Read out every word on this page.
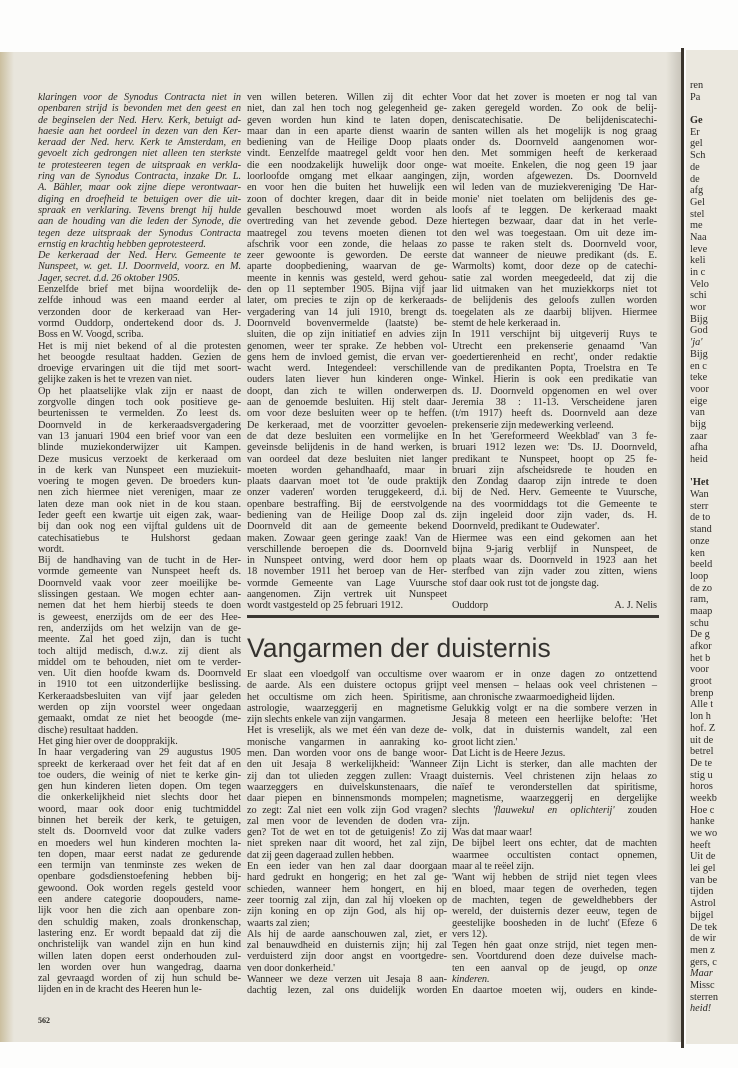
ren
Pa
Ge
Er
gel
Sch
de
de
afg
Gel
stel
me
Naa
leve
keli
in c
Velo
schi
wor
Bijg
God
'ja'
Bijg
en c
teke
voor
eige
van
bijg
zaar
afha
heid
'Het
Wan
sterr
de to
stand
onze
ken
beeld
loop
de zo
ram,
maap
schu
De g
afkor
het b
voor
groot
brenp
Alle t
lon h
hof. Z
uit de
betrel
De te
stig u
horos
weekb
Hoe c
hanke
we wo
heeft
Uit de
lei gel
van be
tijden
Astrol
bijgel
De tek
de wir
men z
gers, c
Maar
Missc
sterren
heid!
klaringen voor de Synodus Contracta niet in
openbaren strijd is bevonden met den geest en
de beginselen der Ned. Herv. Kerk, betuigt ad-
haesie aan het oordeel in dezen van den Ker-
keraad der Ned. herv. Kerk te Amsterdam, en
gevoelt zich gedrongen niet alleen ten sterkste
te protesteeren tegen de uitspraak en verkla-
ring van de Synodus Contracta, inzake Dr. L.
A. Bähler, maar ook zijne diepe verontwaar-
diging en droefheid te betuigen over die uit-
spraak en verklaring. Tevens brengt hij hulde
aan de houding van die leden der Synode, die
tegen deze uitspraak der Synodus Contracta
ernstig en krachtig hebben geprotesteerd.
De kerkeraad der Ned. Herv. Gemeente te
Nunspeet, w. get. IJ. Doornveld, voorz. en M.
Jager, secret. d.d. 26 oktober 1905.
Eenzelfde brief met bijna woordelijk de-
zelfde inhoud was een maand eerder al
verzonden door de kerkeraad van Her-
vormd Ouddorp, ondertekend door ds. J.
Boss en W. Voogd, scriba.
Het is mij niet bekend of al die protesten
het beoogde resultaat hadden. Gezien de
droevige ervaringen uit die tijd met soort-
gelijke zaken is het te vrezen van niet.
Op het plaatselijke vlak zijn er naast de
zorgvolle dingen toch ook positieve ge-
beurtenissen te vermelden. Zo leest ds.
Doornveld in de kerkeraadsvergadering
van 13 januari 1904 een brief voor van een
blinde muziekonderwijzer uit Kampen.
Deze musicus verzoekt de kerkeraad om
in de kerk van Nunspeet een muziekuit-
voering te mogen geven. De broeders kun-
nen zich hiermee niet verenigen, maar ze
laten deze man ook niet in de kou staan.
Ieder geeft een kwartje uit eigen zak, waar-
bij dan ook nog een vijftal guldens uit de
catechisatiebus te Hulshorst gedaan
wordt.
Bij de handhaving van de tucht in de Her-
vormde gemeente van Nunspeet heeft ds.
Doornveld vaak voor zeer moeilijke be-
slissingen gestaan. We mogen echter aan-
nemen dat het hem hierbij steeds te doen
is geweest, enerzijds om de eer des Hee-
ren, anderzijds om het welzijn van de ge-
meente. Zal het goed zijn, dan is tucht
toch altijd medisch, d.w.z. zij dient als
middel om te behouden, niet om te verder-
ven. Uit dien hoofde kwam ds. Doornveld
in 1910 tot een uitzonderlijke beslissing.
Kerkeraadsbesluiten van vijf jaar geleden
werden op zijn voorstel weer ongedaan
gemaakt, omdat ze niet het beoogde (me-
dische) resultaat hadden.
Het ging hier over de doopprakijk.
In haar vergadering van 29 augustus 1905
spreekt de kerkeraad over het feit dat af en
toe ouders, die weinig of niet te kerke gin-
gen hun kinderen lieten dopen. Om tegen
die onkerkelijkheid niet slechts door het
woord, maar ook door enig tuchtmiddel
binnen het bereik der kerk, te getuigen,
stelt ds. Doornveld voor dat zulke vaders
en moeders wel hun kinderen mochten la-
ten dopen, maar eerst nadat ze gedurende
een termijn van tenminste zes weken de
openbare godsdienstoefening hebben bij-
gewoond. Ook worden regels gesteld voor
een andere categorie doopouders, name-
lijk voor hen die zich aan openbare zon-
den schuldig maken, zoals dronkenschap,
lastering enz. Er wordt bepaald dat zij die
onchristelijk van wandel zijn en hun kind
willen laten dopen eerst onderhouden zul-
len worden over hun wangedrag, daarna
zal gevraagd worden of zij hun schuld be-
lijden en in de kracht des Heeren hun le-
ven willen beteren. Willen zij dit echter
niet, dan zal hen toch nog gelegenheid ge-
geven worden hun kind te laten dopen,
maar dan in een aparte dienst waarin de
bediening van de Heilige Doop plaats
vindt. Eenzelfde maatregel geldt voor hen
die een noodzakelijk huwelijk door onge-
loorloofde omgang met elkaar aangingen,
en voor hen die buiten het huwelijk een
zoon of dochter kregen, daar dit in beide
gevallen beschouwd moet worden als
overtreding van het zevende gebod. Deze
maatregel zou tevens moeten dienen tot
afschrik voor een zonde, die helaas zo
zeer gewoonte is geworden. De eerste
aparte doopbediening, waarvan de ge-
meente in kennis was gesteld, werd gehou-
den op 11 september 1905. Bijna vijf jaar
later, om precies te zijn op de kerkeraads-
vergadering van 14 juli 1910, brengt ds.
Doornveld bovenvermelde (laatste) be-
sluiten, die op zijn initiatief en advies zijn
genomen, weer ter sprake. Ze hebben vol-
gens hem de invloed gemist, die ervan ver-
wacht werd. Integendeel: verschillende
ouders laten liever hun kinderen onge-
doopt, dan zich te willen onderwerpen
aan de genoemde besluiten. Hij stelt daar-
om voor deze besluiten weer op te heffen.
De kerkeraad, met de voorzitter gevoelen-
de dat deze besluiten een vormelijke en
geveinsde belijdenis in de hand werken, is
van oordeel dat deze besluiten niet langer
moeten worden gehandhaafd, maar in
plaats daarvan moet tot 'de oude praktijk
onzer vaderen' worden teruggekeerd, d.i.
openbare bestraffing. Bij de eerstvolgende
bediening van de Heilige Doop zal ds.
Doornveld dit aan de gemeente bekend
maken. Zowaar geen geringe zaak! Van de
verschillende beroepen die ds. Doornveld
in Nunspeet ontving, werd door hem op
18 november 1911 het beroep van de Her-
vormde Gemeente van Lage Vuursche
aangenomen. Zijn vertrek uit Nunspeet
wordt vastgesteld op 25 februari 1912.
Voor dat het zover is moeten er nog tal van
zaken geregeld worden. Zo ook de belij-
deniscatechisatie. De belijdeniscatechi-
santen willen als het mogelijk is nog graag
onder ds. Doornveld aangenomen wor-
den. Met sommigen heeft de kerkeraad
wat moeite. Enkelen, die nog geen 19 jaar
zijn, worden afgewezen. Ds. Doornveld
wil leden van de muziekvereniging 'De Har-
monie' niet toelaten om belijdenis des ge-
loofs af te leggen. De kerkeraad maakt
hiertegen bezwaar, daar dat in het verle-
den wel was toegestaan. Om uit deze im-
passe te raken stelt ds. Doornveld voor,
dat wanneer de nieuwe predikant (ds. E.
Warmolts) komt, door deze op de catechi-
satie zal worden meegedeeld, dat zij die
lid uitmaken van het muziekkorps niet tot
de belijdenis des geloofs zullen worden
toegelaten als ze daarbij blijven. Hiermee
stemt de hele kerkeraad in.
In 1911 verschijnt bij uitgeverij Ruys te
Utrecht een prekenserie genaamd 'Van
goedertierenheid en recht', onder redaktie
van de predikanten Popta, Troelstra en Te
Winkel. Hierin is ook een predikatie van
ds. IJ. Doornveld opgenomen en wel over
Jeremia 38 : 11-13. Verscheidene jaren
(t/m 1917) heeft ds. Doornveld aan deze
prekenserie zijn medewerking verleend.
In het 'Gereformeerd Weekblad' van 3 fe-
bruari 1912 lezen we: 'Ds. IJ. Doornveld,
predikant te Nunspeet, hoopt op 25 fe-
bruari zijn afscheidsrede te houden en
den Zondag daarop zijn intrede te doen
bij de Ned. Herv. Gemeente te Vuursche,
na des voormiddags tot die Gemeente te
zijn ingeleid door zijn vader, ds. H.
Doornveld, predikant te Oudewater'.
Hiermee was een eind gekomen aan het
bijna 9-jarig verblijf in Nunspeet, de
plaats waar ds. Doornveld in 1923 aan het
sterfbed van zijn vader zou zitten, wiens
stof daar ook rust tot de jongste dag.
Ouddorp	A. J. Nelis
Vangarmen der duisternis
Er slaat een vloedgolf van occultisme over
de aarde. Als een duistere octopus grijpt
het occultisme om zich heen. Spiritisme,
astrologie, waarzeggerij en magnetisme
zijn slechts enkele van zijn vangarmen.
Het is vreselijk, als we met één van deze de-
monische vangarmen in aanraking ko-
men. Dan worden voor ons de bange woor-
den uit Jesaja 8 werkelijkheid: 'Wanneer
zij dan tot ulieden zeggen zullen: Vraagt
waarzeggers en duivelskunstenaars, die
daar piepen en binnensmonds mompelen;
zo zegt: Zal niet een volk zijn God vragen?
zal men voor de levenden de doden vra-
gen? Tot de wet en tot de getuigenis! Zo zij
niet spreken naar dit woord, het zal zijn,
dat zij geen dageraad zullen hebben.
En een ieder van hen zal daar doorgaan
hard gedrukt en hongerig; en het zal ge-
schieden, wanneer hem hongert, en hij
zeer toornig zal zijn, dan zal hij vloeken op
zijn koning en op zijn God, als hij op-
waarts zal zien;
Als hij de aarde aanschouwen zal, ziet, er
zal benauwdheid en duisternis zijn; hij zal
verduisterd zijn door angst en voortgedre-
ven door donkerheid.'
Wanneer we deze verzen uit Jesaja 8 aan-
dachtig lezen, zal ons duidelijk worden
waarom er in onze dagen zo ontzettend
veel mensen – helaas ook veel christenen –
aan chronische zwaarmoedigheid lijden.
Gelukkig volgt er na die sombere verzen in
Jesaja 8 meteen een heerlijke belofte: 'Het
volk, dat in duisternis wandelt, zal een
groot licht zien.'
Dat Licht is de Heere Jezus.
Zijn Licht is sterker, dan alle machten der
duisternis. Veel christenen zijn helaas zo
naïef te veronderstellen dat spiritisme,
magnetisme, waarzeggerij en dergelijke
slechts 'flauwekul en oplichterij' zouden
zijn.
Was dat maar waar!
De bijbel leert ons echter, dat de machten
waarmee occultisten contact opnemen,
maar al te reëel zijn.
'Want wij hebben de strijd niet tegen vlees
en bloed, maar tegen de overheden, tegen
de machten, tegen de geweldhebbers der
wereld, der duisternis dezer eeuw, tegen de
geestelijke boosheden in de lucht' (Efeze 6
vers 12).
Tegen hén gaat onze strijd, niet tegen men-
sen. Voortdurend doen deze duivelse mach-
ten een aanval op de jeugd, op onze
kinderen.
En daartoe moeten wij, ouders en kinde-
562
